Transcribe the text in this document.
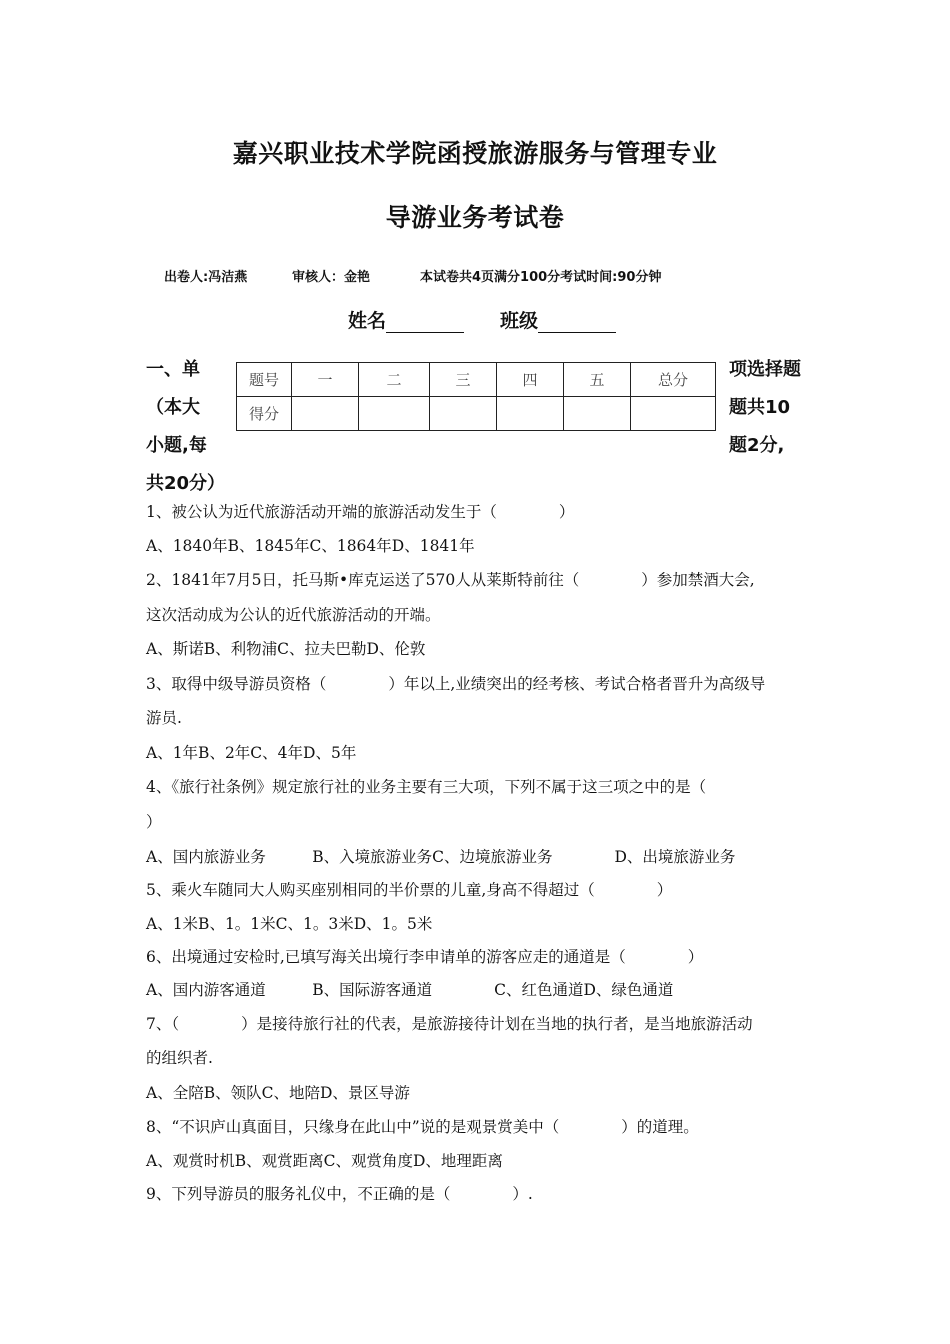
嘉兴职业技术学院函授旅游服务与管理专业
导游业务考试卷
出卷人:冯洁燕	审核人：金艳	本试卷共4页满分100分考试时间:90分钟
姓名	班级
一、单
（本大
小题,每
共20分）
项选择题
题共10
题2分,
题号	一	二	三	四	五	总分
得分						
1、被公认为近代旅游活动开端的旅游活动发生于（　　　　）
A、1840年B、1845年C、1864年D、1841年
2、1841年7月5日，托马斯•库克运送了570人从莱斯特前往（　　　　）参加禁酒大会,
这次活动成为公认的近代旅游活动的开端。
A、斯诺B、利物浦C、拉夫巴勒D、伦敦
3、取得中级导游员资格（　　　　）年以上,业绩突出的经考核、考试合格者晋升为高级导
游员.
A、1年B、2年C、4年D、5年
4、《旅行社条例》规定旅行社的业务主要有三大项，下列不属于这三项之中的是（
）
A、国内旅游业务　　　B、入境旅游业务C、边境旅游业务　　　　D、出境旅游业务
5、乘火车随同大人购买座别相同的半价票的儿童,身高不得超过（　　　　）
A、1米B、1。1米C、1。3米D、1。5米
6、出境通过安检时,已填写海关出境行李申请单的游客应走的通道是（　　　　）
A、国内游客通道　　　B、国际游客通道　　　　C、红色通道D、绿色通道
7、（　　　　）是接待旅行社的代表，是旅游接待计划在当地的执行者，是当地旅游活动
的组织者.
A、全陪B、领队C、地陪D、景区导游
8、“不识庐山真面目，只缘身在此山中”说的是观景赏美中（　　　　）的道理。
A、观赏时机B、观赏距离C、观赏角度D、地理距离
9、下列导游员的服务礼仪中，不正确的是（　　　　）.
